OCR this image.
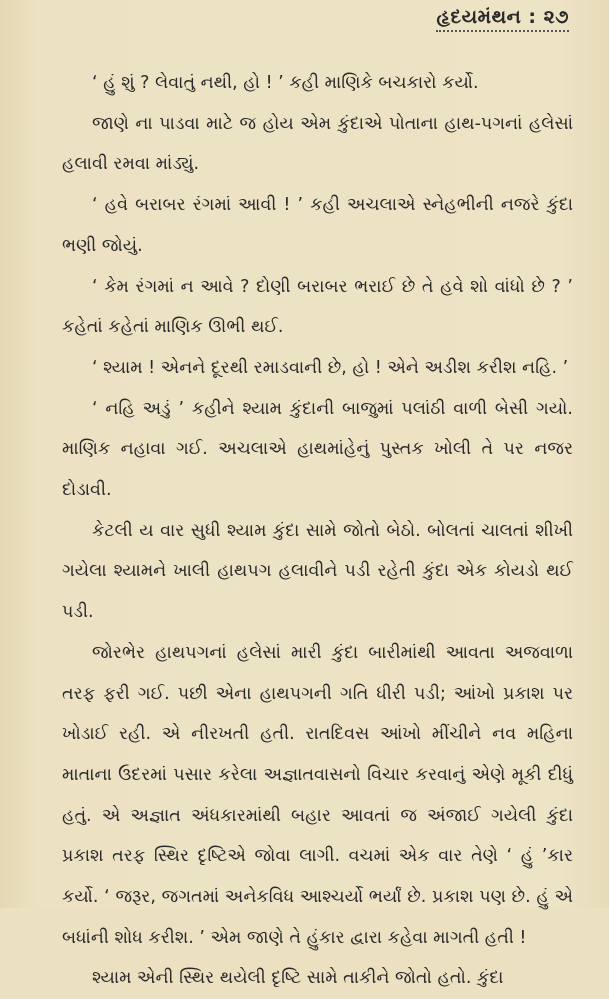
હૃદયમંથન : ૨૭

‘ હું શું ? લેવાતું નથી, હો ! ’ કહી માણિકે બચકારો કર્યો.

જાણે ના પાડવા માટે જ હોય એમ કુંદાએ પોતાના હાથ-પગનાં હલેસાં હલાવી રમવા માંડ્યું.

‘ હવે બરાબર રંગમાં આવી ! ’ કહી અચલાએ સ્નેહભીની નજરે કુંદા ભણી જોયું.

‘ કેમ રંગમાં ન આવે ? દોણી બરાબર ભરાઈ છે તે હવે શો વાંધો છે ? ’ કહેતાં કહેતાં માણિક ઊભી થઈ.

‘ શ્યામ ! એનને દૂરથી રમાડવાની છે, હો ! એને અડીશ કરીશ નહિ. ’

‘ નહિ અડું ’ કહીને શ્યામ કુંદાની બાજુમાં પલાંઠી વાળી બેસી ગયો. માણિક નહાવા ગઈ. અચલાએ હાથમાંહેનું પુસ્તક ખોલી તે પર નજર દોડાવી.

કેટલી ય વાર સુધી શ્યામ કુંદા સામે જોતો બેઠો. બોલતાં ચાલતાં શીખી ગયેલા શ્યામને ખાલી હાથપગ હલાવીને પડી રહેતી કુંદા એક કોયડો થઈ પડી.

જોરભેર હાથપગનાં હલેસાં મારી કુંદા બારીમાંથી આવતા અજવાળા તરફ ફરી ગઈ. પછી એના હાથપગની ગતિ ધીરી પડી; આંખો પ્રકાશ પર ખોડાઈ રહી. એ નીરખતી હતી. રાતદિવસ આંખો મીંચીને નવ મહિના માતાના ઉદરમાં પસાર કરેલા અજ્ઞાતવાસનો વિચાર કરવાનું એણે મૂકી દીધું હતું. એ અજ્ઞાત અંધકારમાંથી બહાર આવતાં જ અંજાઈ ગયેલી કુંદા પ્રકાશ તરફ સ્થિર દૃષ્ટિએ જોવા લાગી. વચમાં એક વાર તેણે ‘ હું ’કાર કર્યો. ‘ જરૂર, જગતમાં અનેકવિધ આશ્ચર્યો ભર્યાં છે. પ્રકાશ પણ છે. હું એ બધાંની શોધ કરીશ. ’ એમ જાણે તે હુંકાર દ્વારા કહેવા માગતી હતી !

શ્યામ એની સ્થિર થયેલી દૃષ્ટિ સામે તાકીને જોતો હતો. કુંદા
